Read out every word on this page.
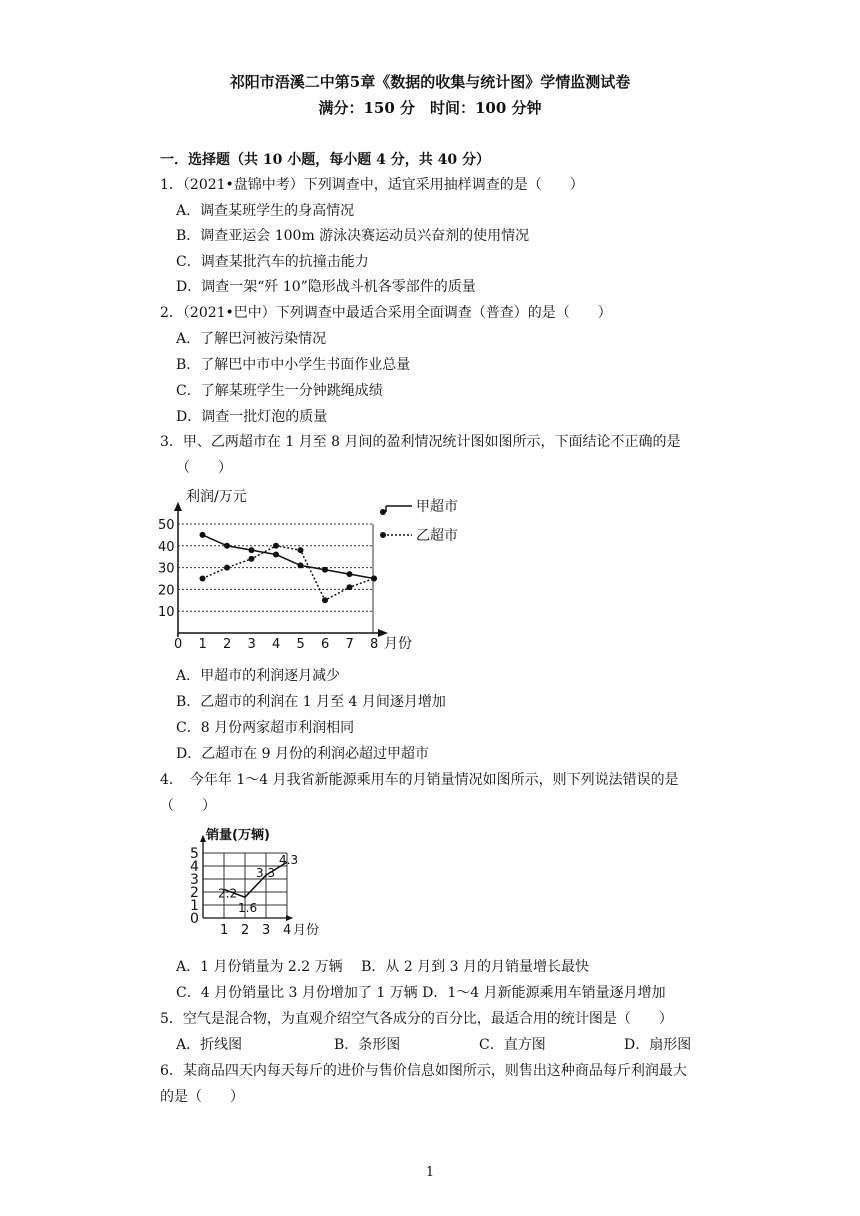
祁阳市浯溪二中第5章《数据的收集与统计图》学情监测试卷
满分：150 分　时间：100 分钟
一．选择题（共 10 小题，每小题 4 分，共 40 分）
1．（2021•盘锦中考）下列调查中，适宜采用抽样调查的是（　　）
A．调查某班学生的身高情况
B．调查亚运会 100m 游泳决赛运动员兴奋剂的使用情况
C．调查某批汽车的抗撞击能力
D．调查一架“歼 10”隐形战斗机各零部件的质量
2．（2021•巴中）下列调查中最适合采用全面调查（普查）的是（　　）
A．了解巴河被污染情况
B．了解巴中市中小学生书面作业总量
C．了解某班学生一分钟跳绳成绩
D．调查一批灯泡的质量
3．甲、乙两超市在 1 月至 8 月间的盈利情况统计图如图所示，下面结论不正确的是
（　　）
利润/万元
月份
10
20
30
40
50
0 1 2 3 4 5 6 7 8
甲超市
乙超市
A．甲超市的利润逐月减少
B．乙超市的利润在 1 月至 4 月间逐月增加
C．8 月份两家超市利润相同
D．乙超市在 9 月份的利润必超过甲超市
4．　今年年 1～4 月我省新能源乘用车的月销量情况如图所示，则下列说法错误的是
（　　）
销量(万辆)
月份
0
1
2
3
4
5
1 2 3 4
2.2
1.6
3.3
4.3
A．1 月份销量为 2.2 万辆　 B．从 2 月到 3 月的月销量增长最快
C．4 月份销量比 3 月份增加了 1 万辆 D．1～4 月新能源乘用车销量逐月增加
5．空气是混合物，为直观介绍空气各成分的百分比，最适合用的统计图是（　　）
A．折线图	B．条形图	C．直方图	D．扇形图
6．某商品四天内每天每斤的进价与售价信息如图所示，则售出这种商品每斤利润最大
的是（　　）
1
